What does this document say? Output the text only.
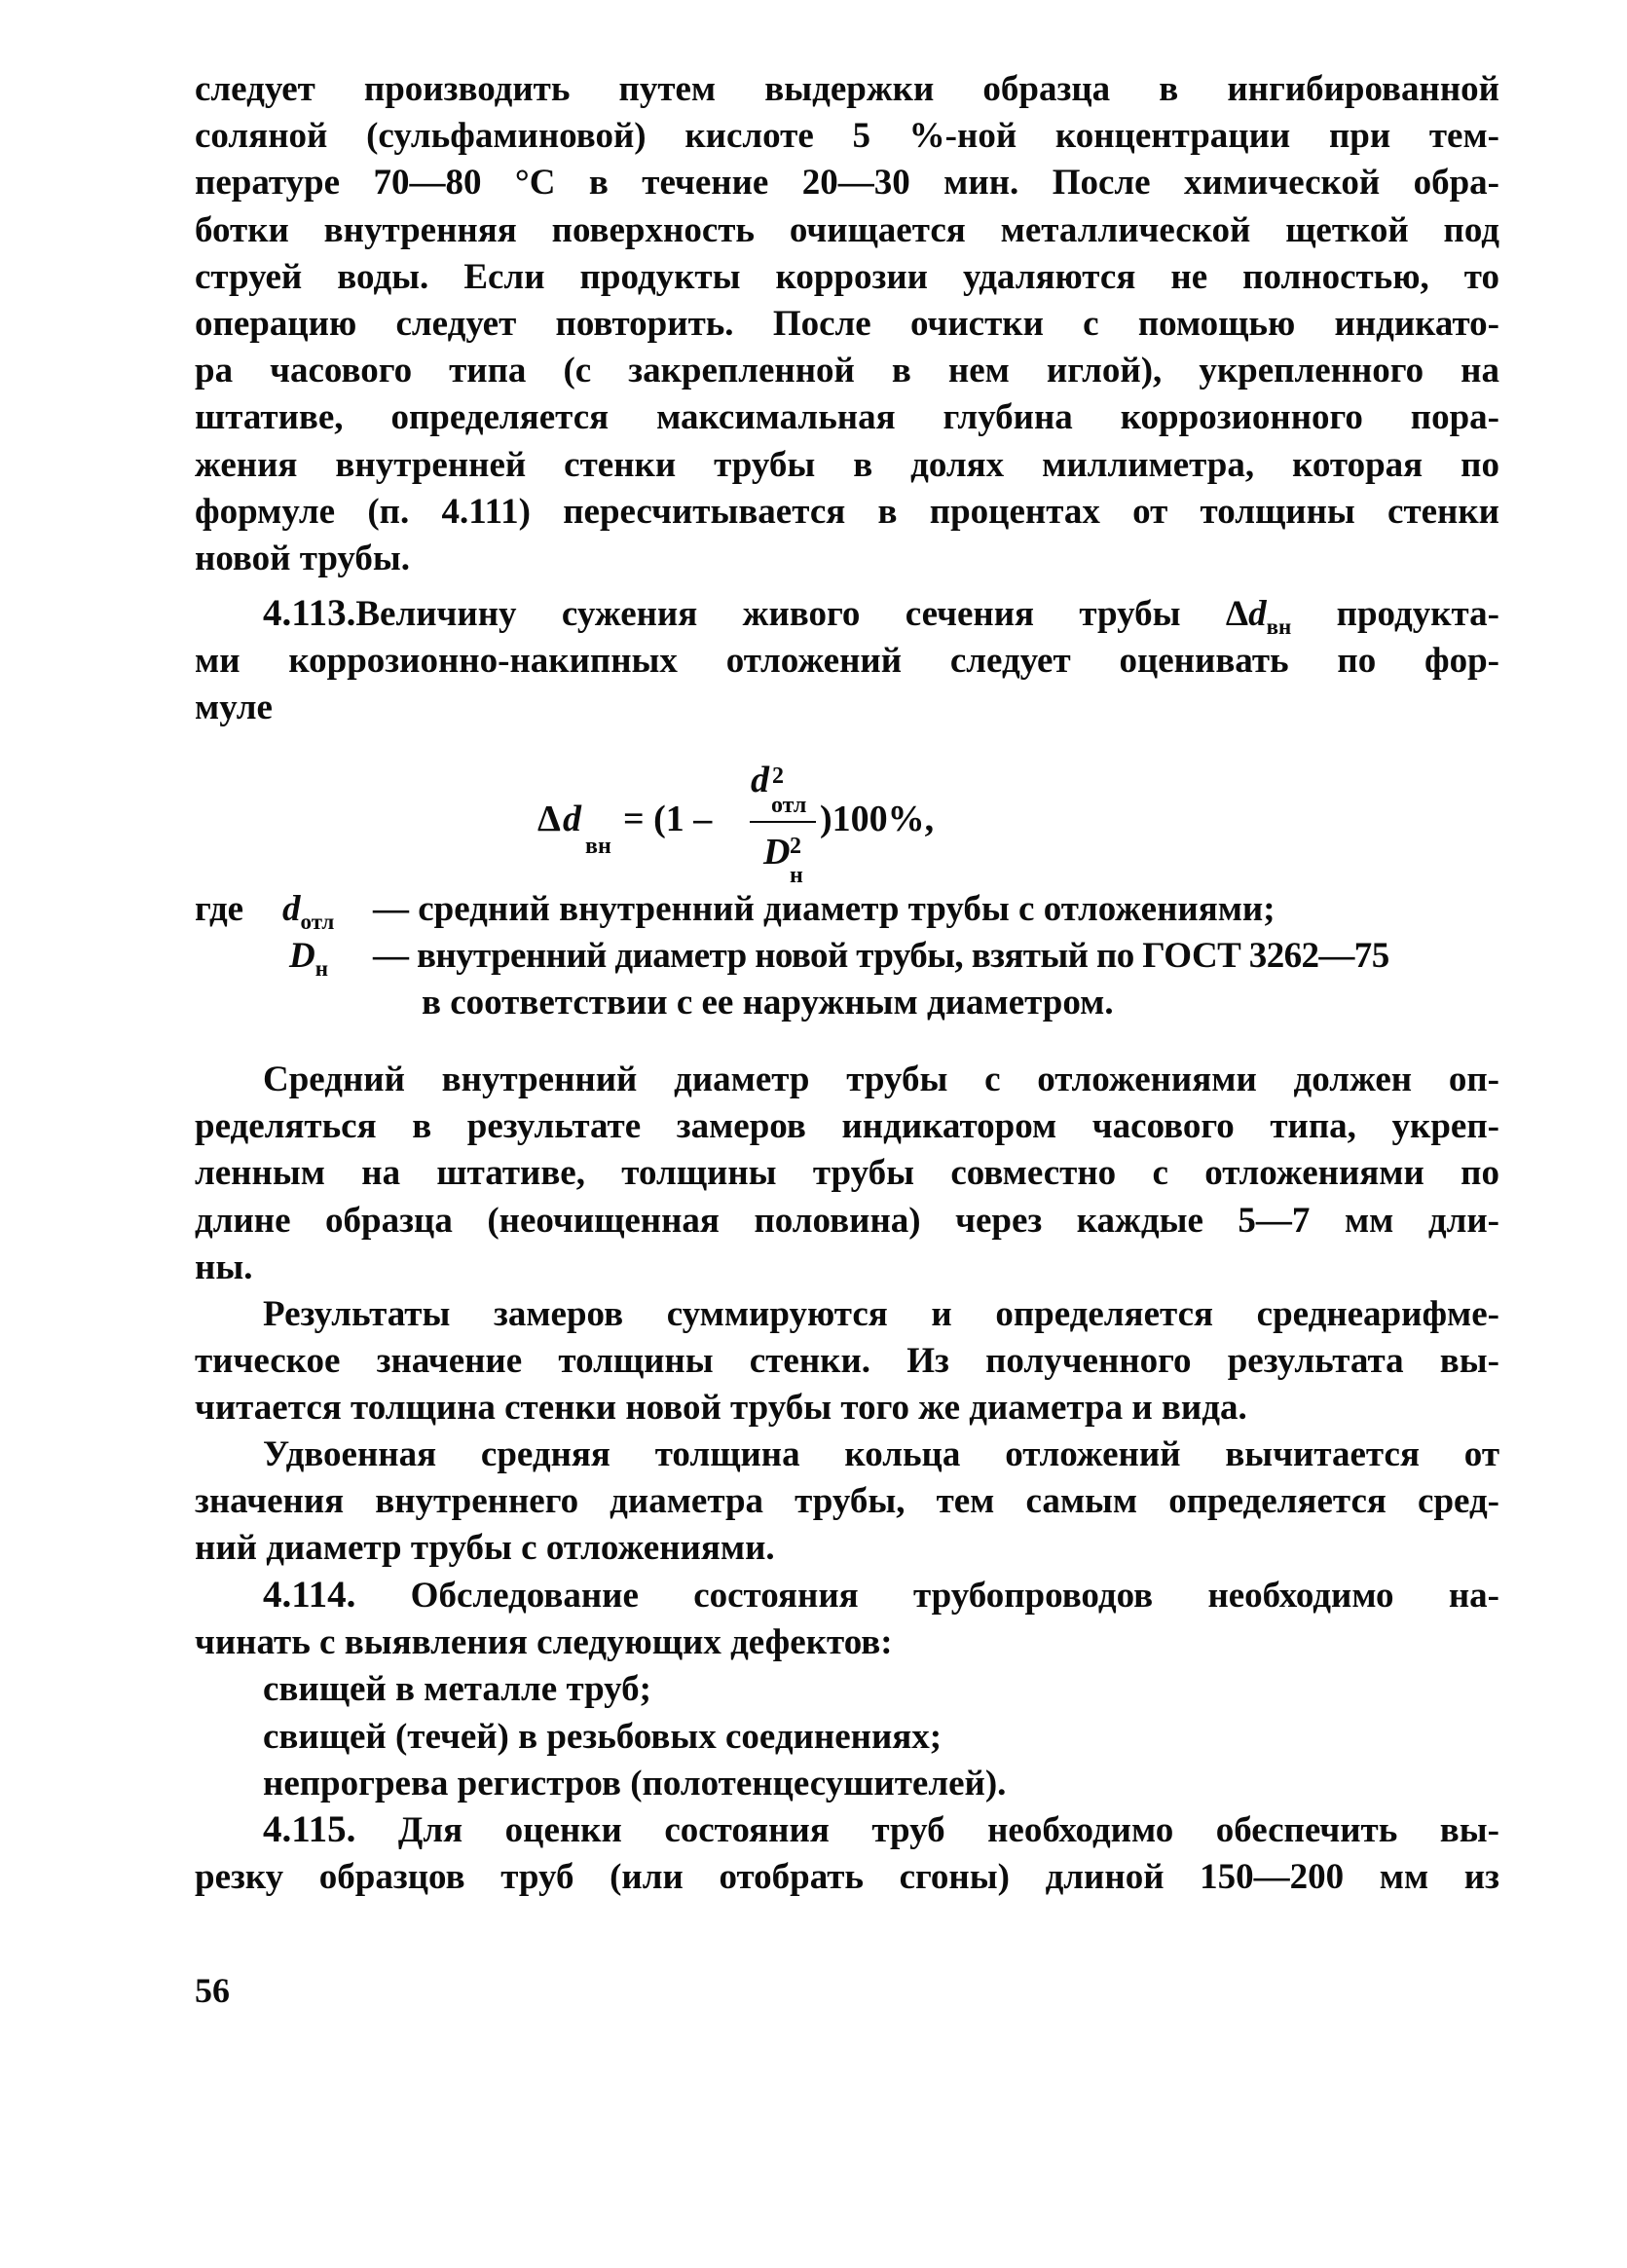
следует производить путем выдержки образца в ингибированной
соляной (сульфаминовой) кислоте 5 %-ной концентрации при тем-
пературе 70—80 °С в течение 20—30 мин. После химической обра-
ботки внутренняя поверхность очищается металлической щеткой под
струей воды. Если продукты коррозии удаляются не полностью, то
операцию следует повторить. После очистки с помощью индикато-
ра часового типа (с закрепленной в нем иглой), укрепленного на
штативе, определяется максимальная глубина коррозионного пора-
жения внутренней стенки трубы в долях миллиметра, которая по
формуле (п. 4.111) пересчитывается в процентах от толщины стенки
новой трубы.
4.113.Величину сужения живого сечения трубы $\Delta d_{вн}$ продукта-
ми коррозионно-накипных отложений следует оценивать по фор-
муле
Δ d
вн
= (1 –
d 2
отл
D 2
н
)100%,
где $d_{отл}$ — средний внутренний диаметр трубы с отложениями;
$D_н$ — внутренний диаметр новой трубы, взятый по ГОСТ 3262—75
в соответствии с ее наружным диаметром.
Средний внутренний диаметр трубы с отложениями должен оп-
ределяться в результате замеров индикатором часового типа, укреп-
ленным на штативе, толщины трубы совместно с отложениями по
длине образца (неочищенная половина) через каждые 5—7 мм дли-
ны.
Результаты замеров суммируются и определяется среднеарифме-
тическое значение толщины стенки. Из полученного результата вы-
читается толщина стенки новой трубы того же диаметра и вида.
Удвоенная средняя толщина кольца отложений вычитается от
значения внутреннего диаметра трубы, тем самым определяется сред-
ний диаметр трубы с отложениями.
4.114. Обследование состояния трубопроводов необходимо на-
чинать с выявления следующих дефектов:
свищей в металле труб;
свищей (течей) в резьбовых соединениях;
непрогрева регистров (полотенцесушителей).
4.115. Для оценки состояния труб необходимо обеспечить вы-
резку образцов труб (или отобрать сгоны) длиной 150—200 мм из
56
